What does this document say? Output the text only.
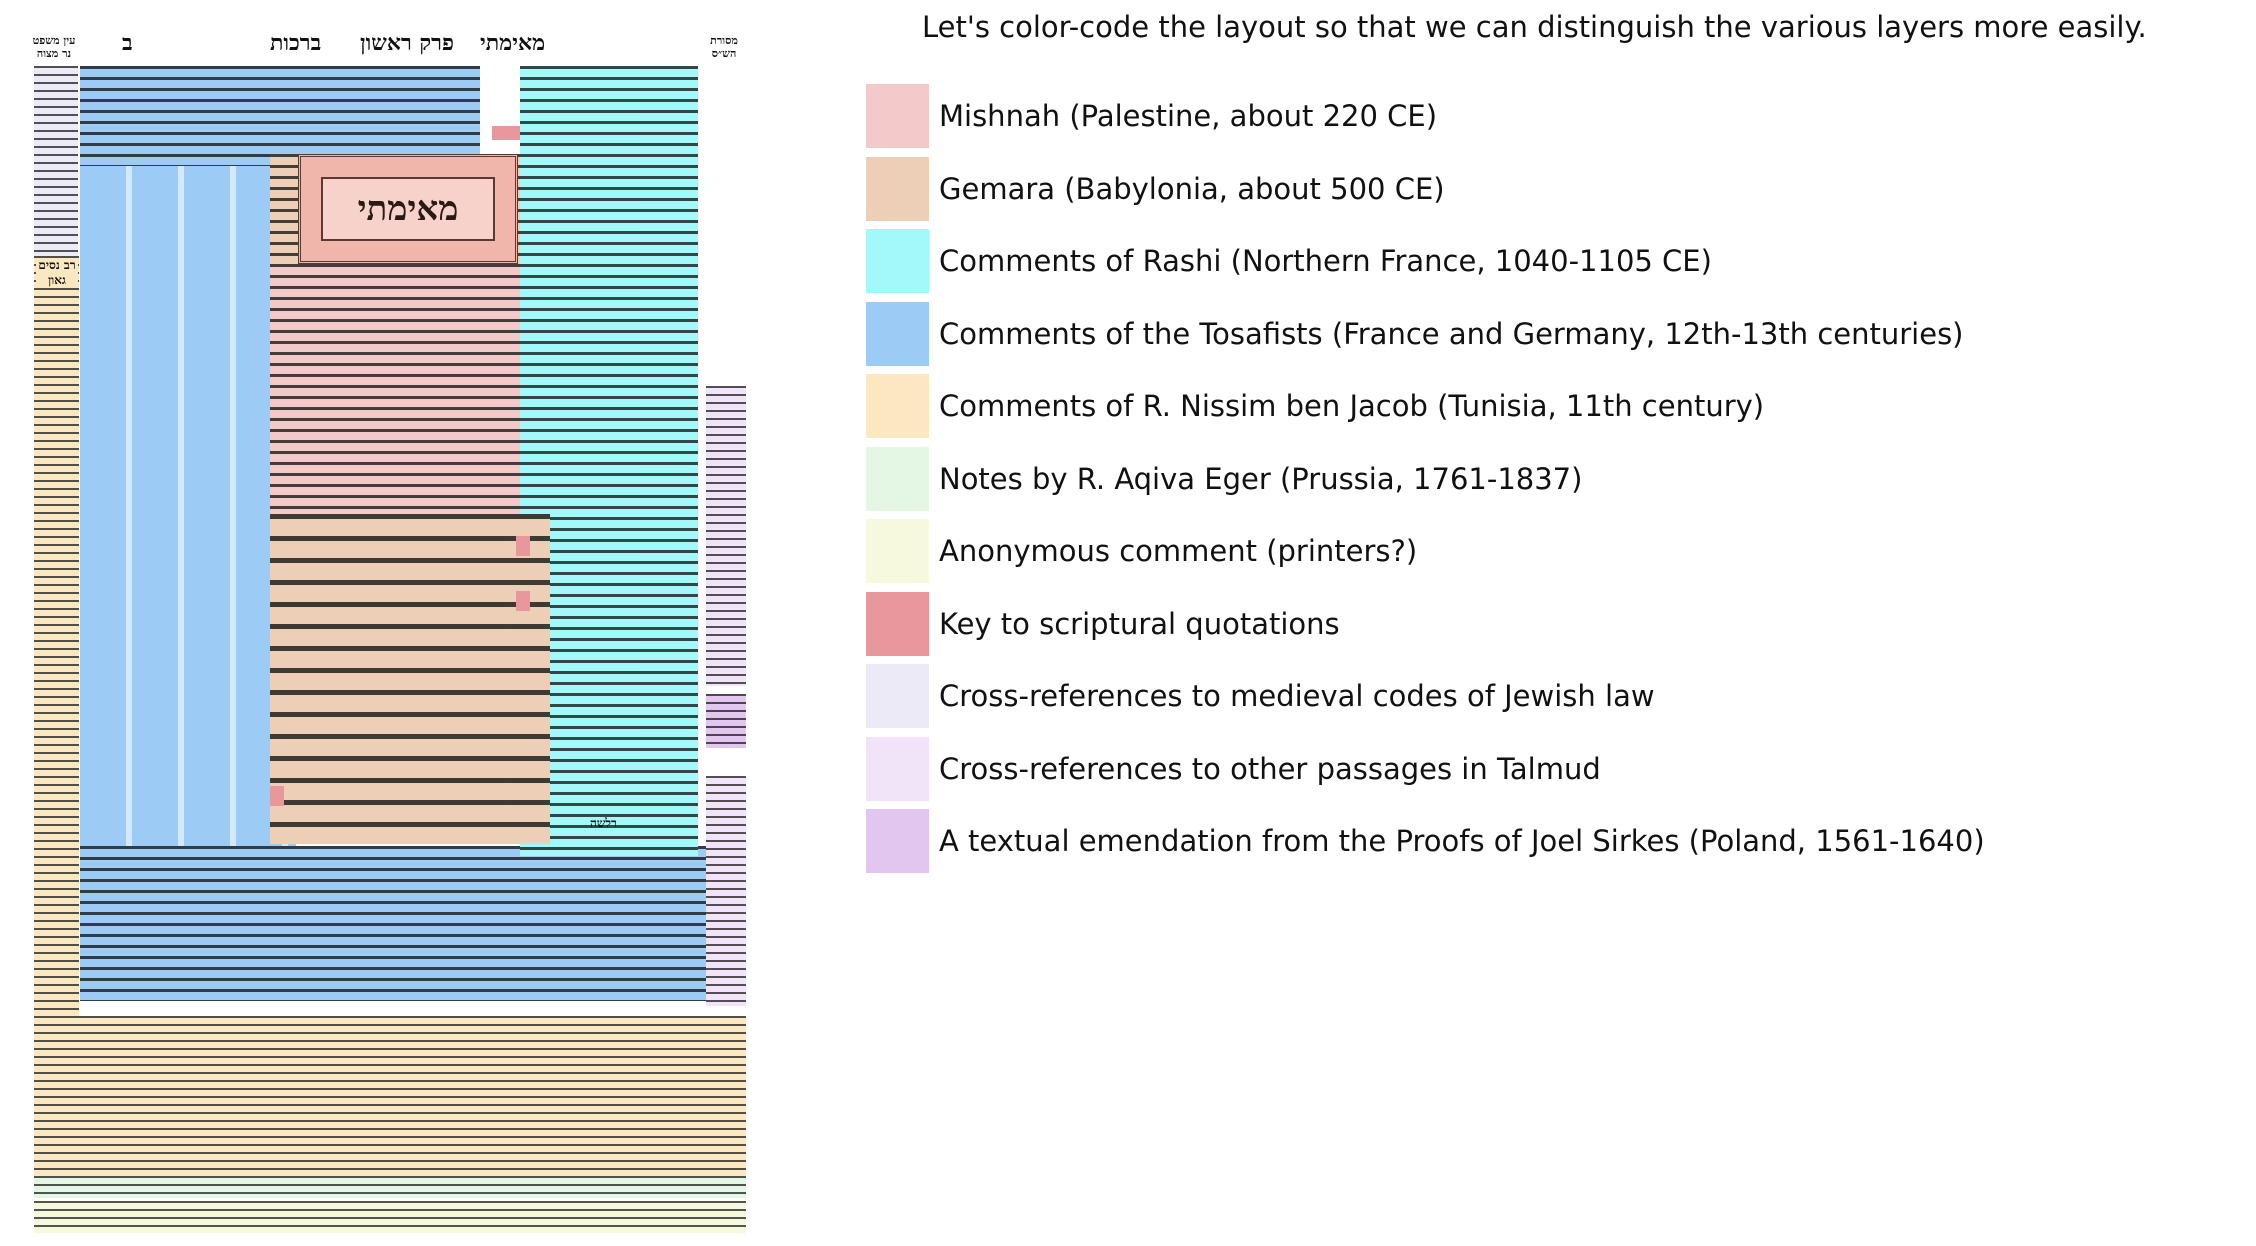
ב	ברכות פרק ראשון מאימתי	מסורת הש״ס
עין משפט נר מצוה
רב נסים גאון
מאימתי
רלשה
Let's color-code the layout so that we can distinguish the various layers more easily.
Mishnah (Palestine, about 220 CE)
Gemara (Babylonia, about 500 CE)
Comments of Rashi (Northern France, 1040-1105 CE)
Comments of the Tosafists (France and Germany, 12th-13th centuries)
Comments of R. Nissim ben Jacob (Tunisia, 11th century)
Notes by R. Aqiva Eger (Prussia, 1761-1837)
Anonymous comment (printers?)
Key to scriptural quotations
Cross-references to medieval codes of Jewish law
Cross-references to other passages in Talmud
A textual emendation from the Proofs of Joel Sirkes (Poland, 1561-1640)
